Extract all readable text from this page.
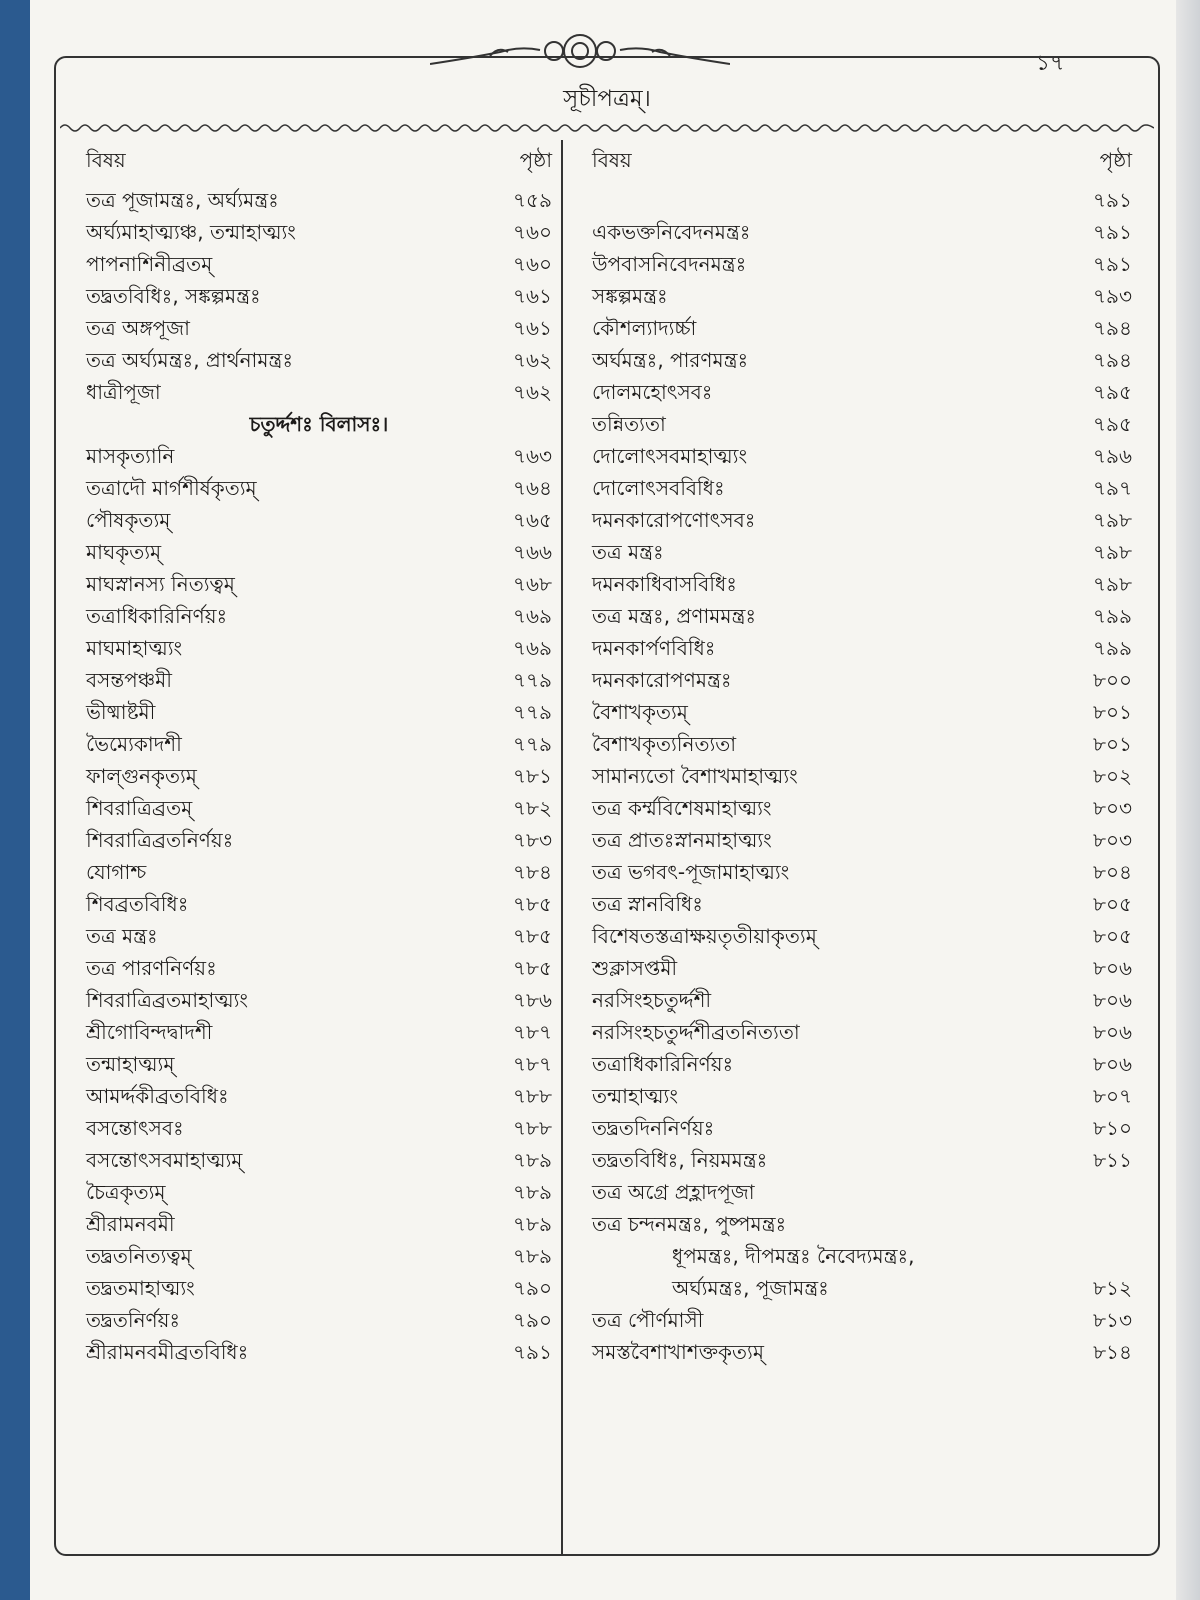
১৭
সূচীপত্রম্।
বিষয়	পৃষ্ঠা
তত্র পূজামন্ত্রঃ, অর্ঘ্যমন্ত্রঃ	৭৫৯
অর্ঘ্যমাহাত্ম্যঞ্চ, তন্মাহাত্ম্যং	৭৬০
পাপনাশিনীব্রতম্	৭৬০
তদ্ব্রতবিধিঃ, সঙ্কল্পমন্ত্রঃ	৭৬১
তত্র অঙ্গপূজা	৭৬১
তত্র অর্ঘ্যমন্ত্রঃ, প্রার্থনামন্ত্রঃ	৭৬২
ধাত্রীপূজা	৭৬২
চতুর্দ্দশঃ বিলাসঃ।
মাসকৃত্যানি	৭৬৩
তত্রাদৌ মার্গশীর্ষকৃত্যম্	৭৬৪
পৌষকৃত্যম্	৭৬৫
মাঘকৃত্যম্	৭৬৬
মাঘস্নানস্য নিত্যত্বম্	৭৬৮
তত্রাধিকারিনির্ণয়ঃ	৭৬৯
মাঘমাহাত্ম্যং	৭৬৯
বসন্তপঞ্চমী	৭৭৯
ভীষ্মাষ্টমী	৭৭৯
ভৈম্যেকাদশী	৭৭৯
ফাল্গুনকৃত্যম্	৭৮১
শিবরাত্রিব্রতম্	৭৮২
শিবরাত্রিব্রতনির্ণয়ঃ	৭৮৩
যোগাশ্চ	৭৮৪
শিবব্রতবিধিঃ	৭৮৫
তত্র মন্ত্রঃ	৭৮৫
তত্র পারণনির্ণয়ঃ	৭৮৫
শিবরাত্রিব্রতমাহাত্ম্যং	৭৮৬
শ্রীগোবিন্দদ্বাদশী	৭৮৭
তন্মাহাত্ম্যম্	৭৮৭
আমর্দ্দকীব্রতবিধিঃ	৭৮৮
বসন্তোৎসবঃ	৭৮৮
বসন্তোৎসবমাহাত্ম্যম্	৭৮৯
চৈত্রকৃত্যম্	৭৮৯
শ্রীরামনবমী	৭৮৯
তদ্ব্রতনিত্যত্বম্	৭৮৯
তদ্ব্রতমাহাত্ম্যং	৭৯০
তদ্ব্রতনির্ণয়ঃ	৭৯০
শ্রীরামনবমীব্রতবিধিঃ	৭৯১
বিষয়	পৃষ্ঠা
৭৯১
একভক্তনিবেদনমন্ত্রঃ	৭৯১
উপবাসনিবেদনমন্ত্রঃ	৭৯১
সঙ্কল্পমন্ত্রঃ	৭৯৩
কৌশল্যাদ্যর্চ্চা	৭৯৪
অর্ঘমন্ত্রঃ, পারণমন্ত্রঃ	৭৯৪
দোলমহোৎসবঃ	৭৯৫
তন্নিত্যতা	৭৯৫
দোলোৎসবমাহাত্ম্যং	৭৯৬
দোলোৎসববিধিঃ	৭৯৭
দমনকারোপণোৎসবঃ	৭৯৮
তত্র মন্ত্রঃ	৭৯৮
দমনকাধিবাসবিধিঃ	৭৯৮
তত্র মন্ত্রঃ, প্রণামমন্ত্রঃ	৭৯৯
দমনকার্পণবিধিঃ	৭৯৯
দমনকারোপণমন্ত্রঃ	৮০০
বৈশাখকৃত্যম্	৮০১
বৈশাখকৃত্যনিত্যতা	৮০১
সামান্যতো বৈশাখমাহাত্ম্যং	৮০২
তত্র কর্ম্মবিশেষমাহাত্ম্যং	৮০৩
তত্র প্রাতঃস্নানমাহাত্ম্যং	৮০৩
তত্র ভগবৎ-পূজামাহাত্ম্যং	৮০৪
তত্র স্নানবিধিঃ	৮০৫
বিশেষতস্তত্রাক্ষয়তৃতীয়াকৃত্যম্	৮০৫
শুক্লাসপ্তমী	৮০৬
নরসিংহচতুর্দ্দশী	৮০৬
নরসিংহচতুর্দ্দশীব্রতনিত্যতা	৮০৬
তত্রাধিকারিনির্ণয়ঃ	৮০৬
তন্মাহাত্ম্যং	৮০৭
তদ্ব্রতদিননির্ণয়ঃ	৮১০
তদ্ব্রতবিধিঃ, নিয়মমন্ত্রঃ	৮১১
তত্র অগ্রে প্রহ্লাদপূজা
তত্র চন্দনমন্ত্রঃ, পুষ্পমন্ত্রঃ
ধূপমন্ত্রঃ, দীপমন্ত্রঃ নৈবেদ্যমন্ত্রঃ,
অর্ঘ্যমন্ত্রঃ, পূজামন্ত্রঃ	৮১২
তত্র পৌর্ণমাসী	৮১৩
সমস্তবৈশাখাশক্তকৃত্যম্	৮১৪
